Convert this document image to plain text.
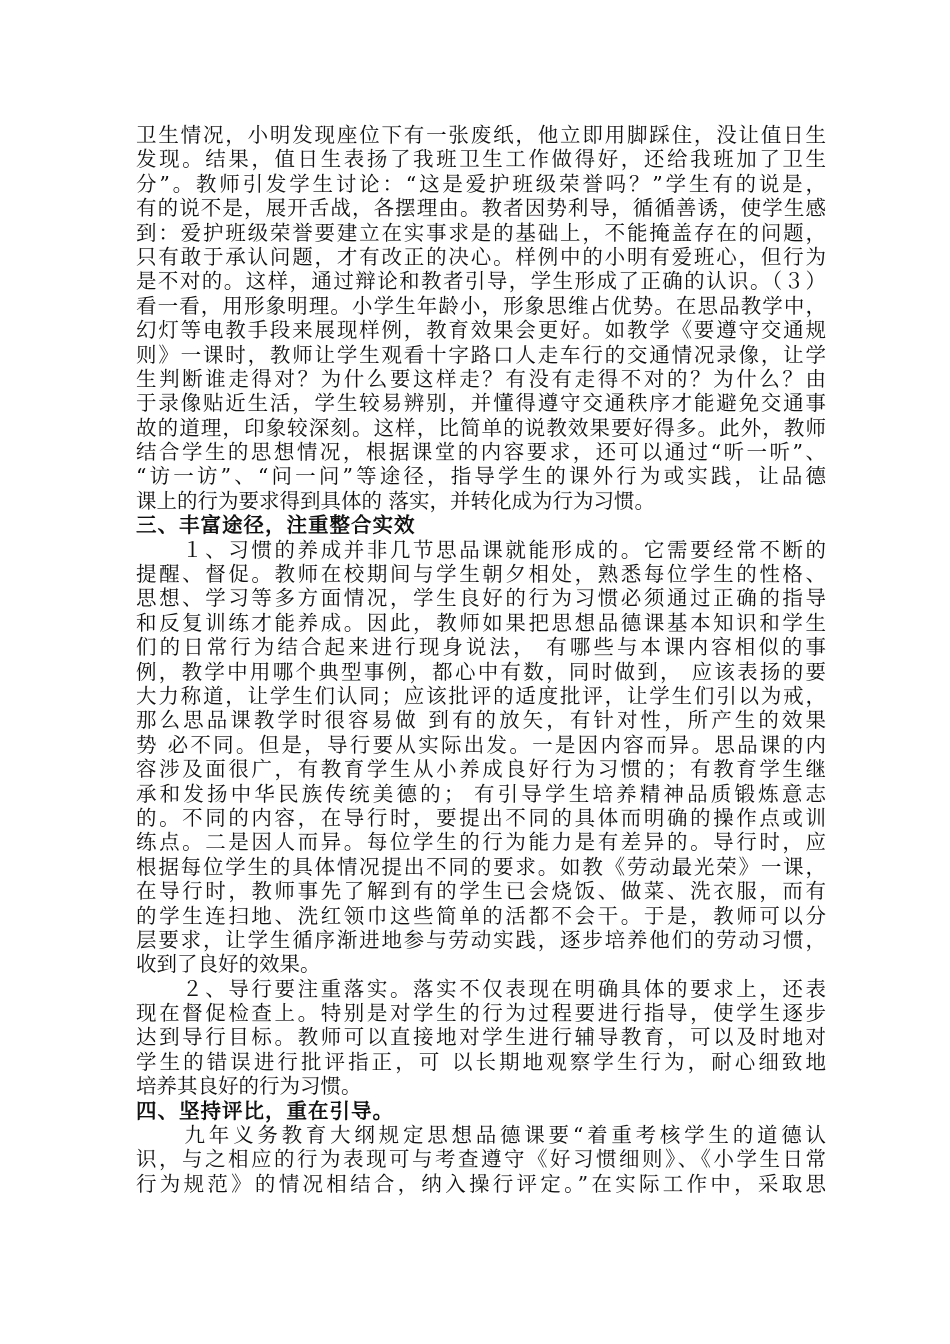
卫生情况，小明发现座位下有一张废纸，他立即用脚踩住，没让值日生
发现。结果，值日生表扬了我班卫生工作做得好，还给我班加了卫生
分”。教师引发学生讨论：“这是爱护班级荣誉吗？”学生有的说是，
有的说不是，展开舌战，各摆理由。教者因势利导，循循善诱，使学生感
到：爱护班级荣誉要建立在实事求是的基础上，不能掩盖存在的问题，
只有敢于承认问题，才有改正的决心。样例中的小明有爱班心，但行为
是不对的。这样，通过辩论和教者引导，学生形成了正确的认识。（３）
看一看，用形象明理。小学生年龄小，形象思维占优势。在思品教学中，
幻灯等电教手段来展现样例，教育效果会更好。如教学《要遵守交通规
则》一课时，教师让学生观看十字路口人走车行的交通情况录像，让学
生判断谁走得对？为什么要这样走？有没有走得不对的？为什么？由
于录像贴近生活，学生较易辨别，并懂得遵守交通秩序才能避免交通事
故的道理，印象较深刻。这样，比简单的说教效果要好得多。此外，教师
结合学生的思想情况，根据课堂的内容要求，还可以通过“听一听”、
“访一访”、“问一问”等途径，指导学生的课外行为或实践，让品德
课上的行为要求得到具体的 落实，并转化成为行为习惯。
三、丰富途径，注重整合实效
　　１、习惯的养成并非几节思品课就能形成的。它需要经常不断的
提醒、督促。教师在校期间与学生朝夕相处，熟悉每位学生的性格、
思想、学习等多方面情况，学生良好的行为习惯必须通过正确的指导
和反复训练才能养成。因此，教师如果把思想品德课基本知识和学生
们的日常行为结合起来进行现身说法， 有哪些与本课内容相似的事
例，教学中用哪个典型事例，都心中有数，同时做到， 应该表扬的要
大力称道，让学生们认同；应该批评的适度批评，让学生们引以为戒，
那么思品课教学时很容易做 到有的放矢，有针对性，所产生的效果
势 必不同。但是，导行要从实际出发。一是因内容而异。思品课的内
容涉及面很广，有教育学生从小养成良好行为习惯的；有教育学生继
承和发扬中华民族传统美德的； 有引导学生培养精神品质锻炼意志
的。不同的内容，在导行时，要提出不同的具体而明确的操作点或训
练点。二是因人而异。每位学生的行为能力是有差异的。导行时，应
根据每位学生的具体情况提出不同的要求。如教《劳动最光荣》一课，
在导行时，教师事先了解到有的学生已会烧饭、做菜、洗衣服，而有
的学生连扫地、洗红领巾这些简单的活都不会干。于是，教师可以分
层要求，让学生循序渐进地参与劳动实践，逐步培养他们的劳动习惯，
收到了良好的效果。
　　２、导行要注重落实。落实不仅表现在明确具体的要求上，还表
现在督促检查上。特别是对学生的行为过程要进行指导，使学生逐步
达到导行目标。教师可以直接地对学生进行辅导教育，可以及时地对
学生的错误进行批评指正，可 以长期地观察学生行为，耐心细致地
培养其良好的行为习惯。
四、坚持评比，重在引导。
　　九年义务教育大纲规定思想品德课要“着重考核学生的道德认
识，与之相应的行为表现可与考查遵守《好习惯细则》、《小学生日常
行为规范》的情况相结合，纳入操行评定。”在实际工作中，采取思
